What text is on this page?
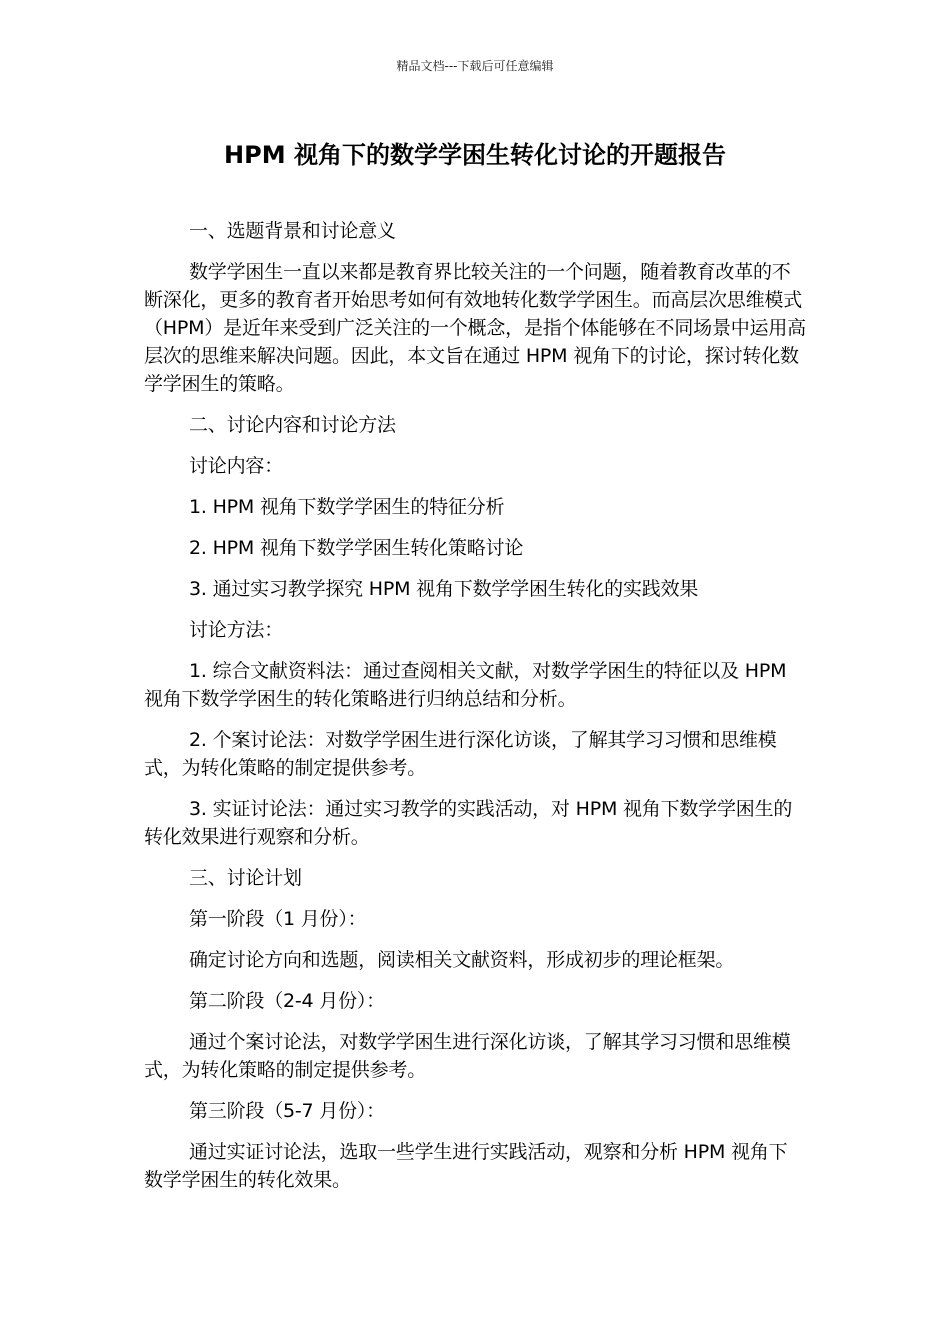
精品文档---下载后可任意编辑
HPM 视角下的数学学困生转化讨论的开题报告

一、选题背景和讨论意义

数学学困生一直以来都是教育界比较关注的一个问题，随着教育改革的不断深化，更多的教育者开始思考如何有效地转化数学学困生。而高层次思维模式（HPM）是近年来受到广泛关注的一个概念，是指个体能够在不同场景中运用高层次的思维来解决问题。因此，本文旨在通过 HPM 视角下的讨论，探讨转化数学学困生的策略。

二、讨论内容和讨论方法

讨论内容：

1. HPM 视角下数学学困生的特征分析

2. HPM 视角下数学学困生转化策略讨论

3. 通过实习教学探究 HPM 视角下数学学困生转化的实践效果

讨论方法：

1. 综合文献资料法：通过查阅相关文献，对数学学困生的特征以及 HPM 视角下数学学困生的转化策略进行归纳总结和分析。

2. 个案讨论法：对数学学困生进行深化访谈，了解其学习习惯和思维模式，为转化策略的制定提供参考。

3. 实证讨论法：通过实习教学的实践活动，对 HPM 视角下数学学困生的转化效果进行观察和分析。

三、讨论计划

第一阶段（1 月份）：

确定讨论方向和选题，阅读相关文献资料，形成初步的理论框架。

第二阶段（2-4 月份）：

通过个案讨论法，对数学学困生进行深化访谈，了解其学习习惯和思维模式，为转化策略的制定提供参考。

第三阶段（5-7 月份）：

通过实证讨论法，选取一些学生进行实践活动，观察和分析 HPM 视角下数学学困生的转化效果。
